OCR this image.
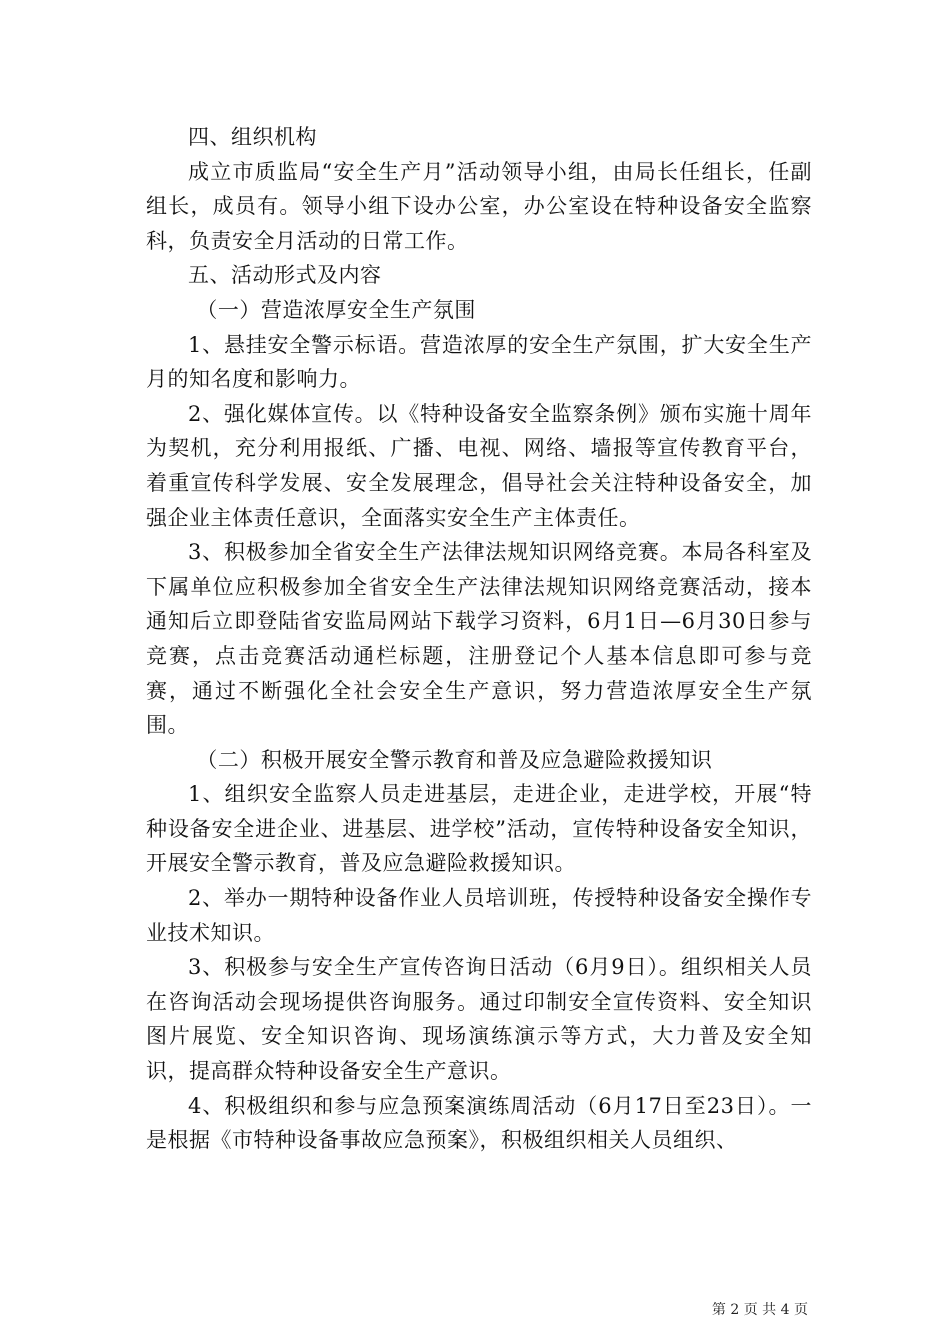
四、组织机构

成立市质监局“安全生产月”活动领导小组，由局长任组长，任副组长，成员有。领导小组下设办公室，办公室设在特种设备安全监察科，负责安全月活动的日常工作。

五、活动形式及内容

（一）营造浓厚安全生产氛围

1、悬挂安全警示标语。营造浓厚的安全生产氛围，扩大安全生产月的知名度和影响力。

2、强化媒体宣传。以《特种设备安全监察条例》颁布实施十周年为契机，充分利用报纸、广播、电视、网络、墙报等宣传教育平台，着重宣传科学发展、安全发展理念，倡导社会关注特种设备安全，加强企业主体责任意识，全面落实安全生产主体责任。

3、积极参加全省安全生产法律法规知识网络竞赛。本局各科室及下属单位应积极参加全省安全生产法律法规知识网络竞赛活动，接本通知后立即登陆省安监局网站下载学习资料，6月1日—6月30日参与竞赛，点击竞赛活动通栏标题，注册登记个人基本信息即可参与竞赛，通过不断强化全社会安全生产意识，努力营造浓厚安全生产氛围。

（二）积极开展安全警示教育和普及应急避险救援知识

1、组织安全监察人员走进基层，走进企业，走进学校，开展“特种设备安全进企业、进基层、进学校”活动，宣传特种设备安全知识，开展安全警示教育，普及应急避险救援知识。

2、举办一期特种设备作业人员培训班，传授特种设备安全操作专业技术知识。

3、积极参与安全生产宣传咨询日活动（6月9日）。组织相关人员在咨询活动会现场提供咨询服务。通过印制安全宣传资料、安全知识图片展览、安全知识咨询、现场演练演示等方式，大力普及安全知识，提高群众特种设备安全生产意识。

4、积极组织和参与应急预案演练周活动（6月17日至23日）。一是根据《市特种设备事故应急预案》，积极组织相关人员组织、

第 2 页 共 4 页
